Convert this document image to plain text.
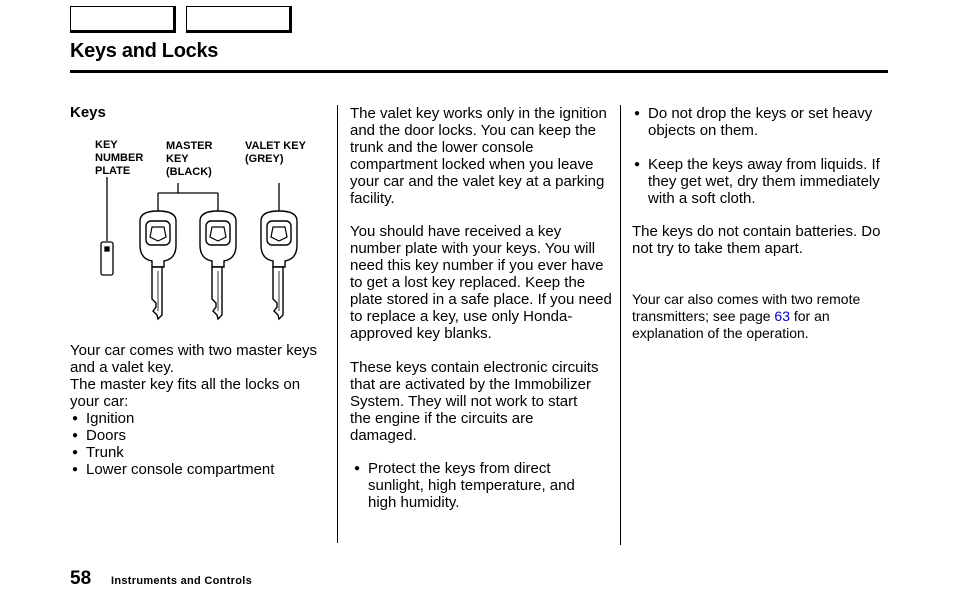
Keys and Locks
Keys
KEY
NUMBER
PLATE
MASTER
KEY
(BLACK)
VALET KEY
(GREY)

Your car comes with two master keys and a valet key.

The master key fits all the locks on your car:

● Ignition
● Doors
● Trunk
● Lower console compartment
The valet key works only in the ignition and the door locks. You can keep the trunk and the lower console compartment locked when you leave your car and the valet key at a parking facility.
You should have received a key number plate with your keys. You will need this key number if you ever have to get a lost key replaced. Keep the plate stored in a safe place. If you need to replace a key, use only Honda-approved key blanks.
These keys contain electronic circuits that are activated by the Immobilizer System. They will not work to start the engine if the circuits are damaged.
● Protect the keys from direct sunlight, high temperature, and high humidity.
● Do not drop the keys or set heavy objects on them.
● Keep the keys away from liquids. If they get wet, dry them immediately with a soft cloth.
The keys do not contain batteries. Do not try to take them apart.
Your car also comes with two remote transmitters; see page 63 for an explanation of the operation.
58 Instruments and Controls
